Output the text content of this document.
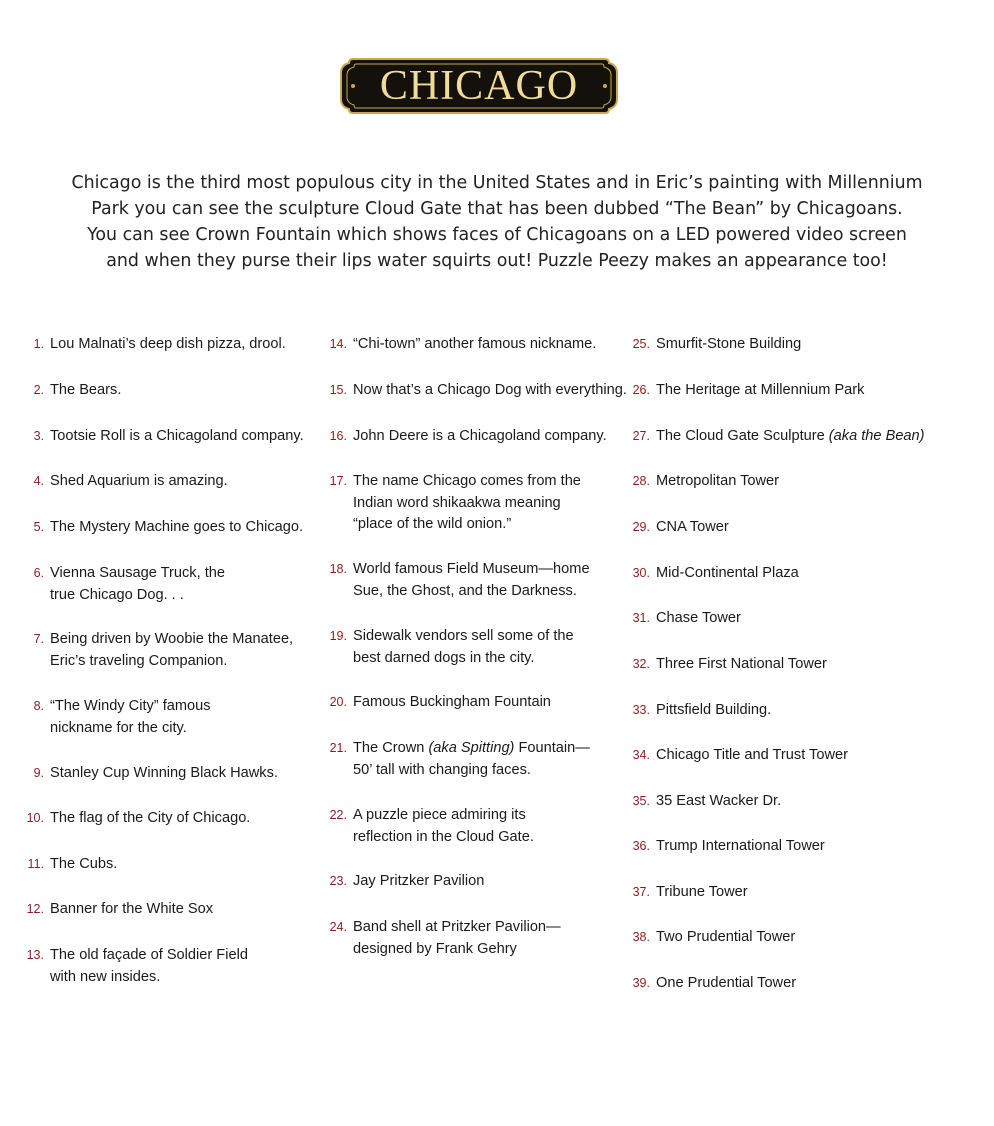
CHICAGO
Chicago is the third most populous city in the United States and in Eric’s painting with Millennium
Park you can see the sculpture Cloud Gate that has been dubbed “The Bean” by Chicagoans.
You can see Crown Fountain which shows faces of Chicagoans on a LED powered video screen
and when they purse their lips water squirts out! Puzzle Peezy makes an appearance too!
1. Lou Malnati’s deep dish pizza, drool.
2. The Bears.
3. Tootsie Roll is a Chicagoland company.
4. Shed Aquarium is amazing.
5. The Mystery Machine goes to Chicago.
6. Vienna Sausage Truck, the
true Chicago Dog. . .
7. Being driven by Woobie the Manatee,
Eric’s traveling Companion.
8. “The Windy City” famous
nickname for the city.
9. Stanley Cup Winning Black Hawks.
10. The flag of the City of Chicago.
11. The Cubs.
12. Banner for the White Sox
13. The old façade of Soldier Field
with new insides.
14. “Chi-town” another famous nickname.
15. Now that’s a Chicago Dog with everything.
16. John Deere is a Chicagoland company.
17. The name Chicago comes from the
Indian word shikaakwa meaning
“place of the wild onion.”
18. World famous Field Museum—home
Sue, the Ghost, and the Darkness.
19. Sidewalk vendors sell some of the
best darned dogs in the city.
20. Famous Buckingham Fountain
21. The Crown (aka Spitting) Fountain—
50’ tall with changing faces.
22. A puzzle piece admiring its
reflection in the Cloud Gate.
23. Jay Pritzker Pavilion
24. Band shell at Pritzker Pavilion—
designed by Frank Gehry
25. Smurfit-Stone Building
26. The Heritage at Millennium Park
27. The Cloud Gate Sculpture (aka the Bean)
28. Metropolitan Tower
29. CNA Tower
30. Mid-Continental Plaza
31. Chase Tower
32. Three First National Tower
33. Pittsfield Building.
34. Chicago Title and Trust Tower
35. 35 East Wacker Dr.
36. Trump International Tower
37. Tribune Tower
38. Two Prudential Tower
39. One Prudential Tower
